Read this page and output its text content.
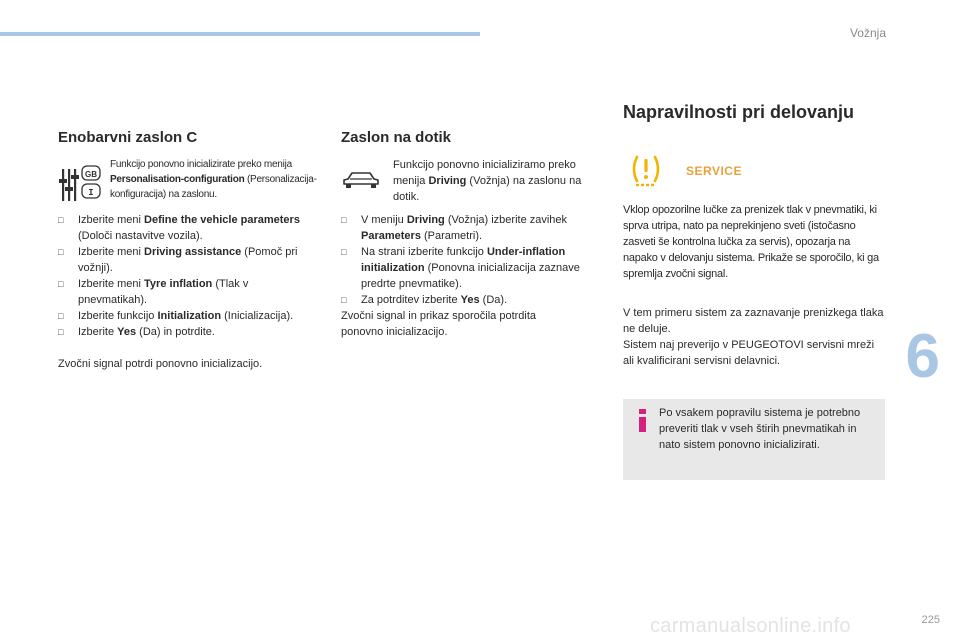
Vožnja
6
225
carmanualsonline.info
Enobarvni zaslon C
GB
I
Funkcijo ponovno inicializirate preko menija Personalisation-configuration (Personalizacija-konfiguracija) na zaslonu.
□ Izberite meni Define the vehicle parameters (Določi nastavitve vozila).
□ Izberite meni Driving assistance (Pomoč pri vožnji).
□ Izberite meni Tyre inflation (Tlak v pnevmatikah).
□ Izberite funkcijo Initialization (Inicializacija).
□ Izberite Yes (Da) in potrdite.
Zvočni signal potrdi ponovno inicializacijo.
Zaslon na dotik
Funkcijo ponovno inicializiramo preko menija Driving (Vožnja) na zaslonu na dotik.
□ V meniju Driving (Vožnja) izberite zavihek Parameters (Parametri).
□ Na strani izberite funkcijo Under-inflation initialization (Ponovna inicializacija zaznave predrte pnevmatike).
□ Za potrditev izberite Yes (Da).
Zvočni signal in prikaz sporočila potrdita ponovno inicializacijo.
Napravilnosti pri delovanju
SERVICE
Vklop opozorilne lučke za prenizek tlak v pnevmatiki, ki sprva utripa, nato pa neprekinjeno sveti (istočasno zasveti še kontrolna lučka za servis), opozarja na napako v delovanju sistema. Prikaže se sporočilo, ki ga spremlja zvočni signal.
V tem primeru sistem za zaznavanje prenizkega tlaka ne deluje.
Sistem naj preverijo v PEUGEOTOVI servisni mreži ali kvalificirani servisni delavnici.
Po vsakem popravilu sistema je potrebno preveriti tlak v vseh štirih pnevmatikah in nato sistem ponovno inicializirati.
